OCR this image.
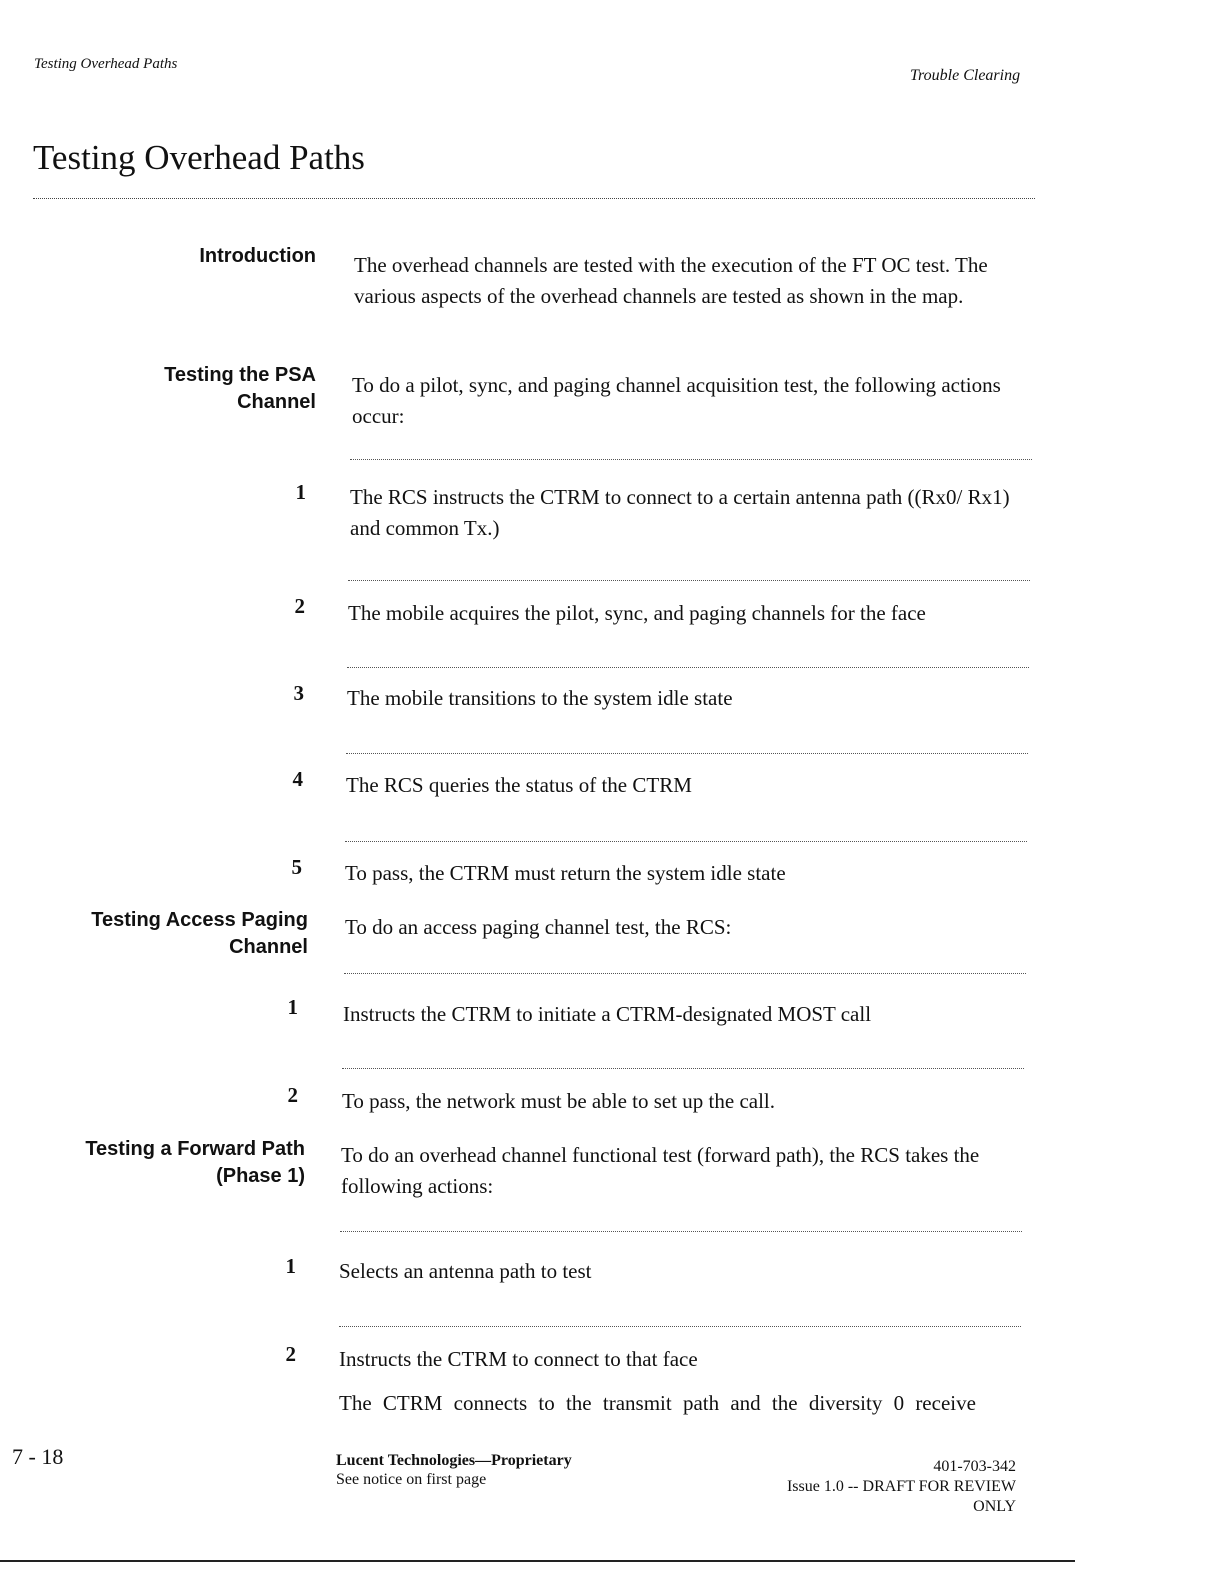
Testing Overhead Paths
Trouble Clearing
Testing Overhead Paths
Introduction The overhead channels are tested with the execution of the FT OC test. The various aspects of the overhead channels are tested as shown in the map.
Testing the PSA
Channel
To do a pilot, sync, and paging channel acquisition test, the following actions occur:
1 The RCS instructs the CTRM to connect to a certain antenna path ((Rx0/ Rx1) and common Tx.)
2 The mobile acquires the pilot, sync, and paging channels for the face
3 The mobile transitions to the system idle state
4 The RCS queries the status of the CTRM
5 To pass, the CTRM must return the system idle state
Testing Access Paging
Channel
To do an access paging channel test, the RCS:
1 Instructs the CTRM to initiate a CTRM-designated MOST call
2 To pass, the network must be able to set up the call.
Testing a Forward Path
(Phase 1)
To do an overhead channel functional test (forward path), the RCS takes the following actions:
1 Selects an antenna path to test
2 Instructs the CTRM to connect to that face
The CTRM connects to the transmit path and the diversity 0 receive
7 - 18	Lucent Technologies—Proprietary
See notice on first page
401-703-342
Issue 1.0 -- DRAFT FOR REVIEW
ONLY
